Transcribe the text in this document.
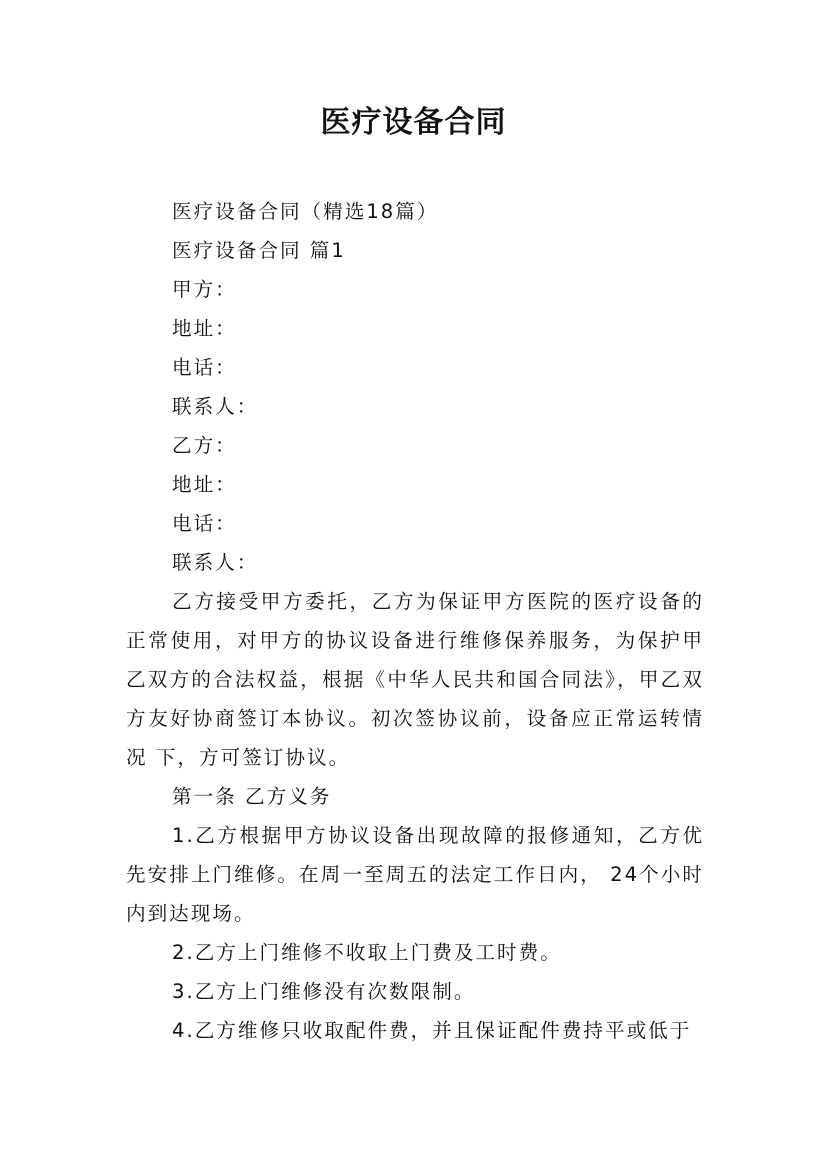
医疗设备合同
医疗设备合同（精选18篇）
医疗设备合同 篇1
甲方：
地址：
电话：
联系人：
乙方：
地址：
电话：
联系人：
乙方接受甲方委托，乙方为保证甲方医院的医疗设备的正常使用，对甲方的协议设备进行维修保养服务，为保护甲乙双方的合法权益，根据《中华人民共和国合同法》，甲乙双方友好协商签订本协议。初次签协议前，设备应正常运转情况 下，方可签订协议。
第一条 乙方义务
1.乙方根据甲方协议设备出现故障的报修通知，乙方优先安排上门维修。在周一至周五的法定工作日内， 24个小时内到达现场。
2.乙方上门维修不收取上门费及工时费。
3.乙方上门维修没有次数限制。
4.乙方维修只收取配件费，并且保证配件费持平或低于
